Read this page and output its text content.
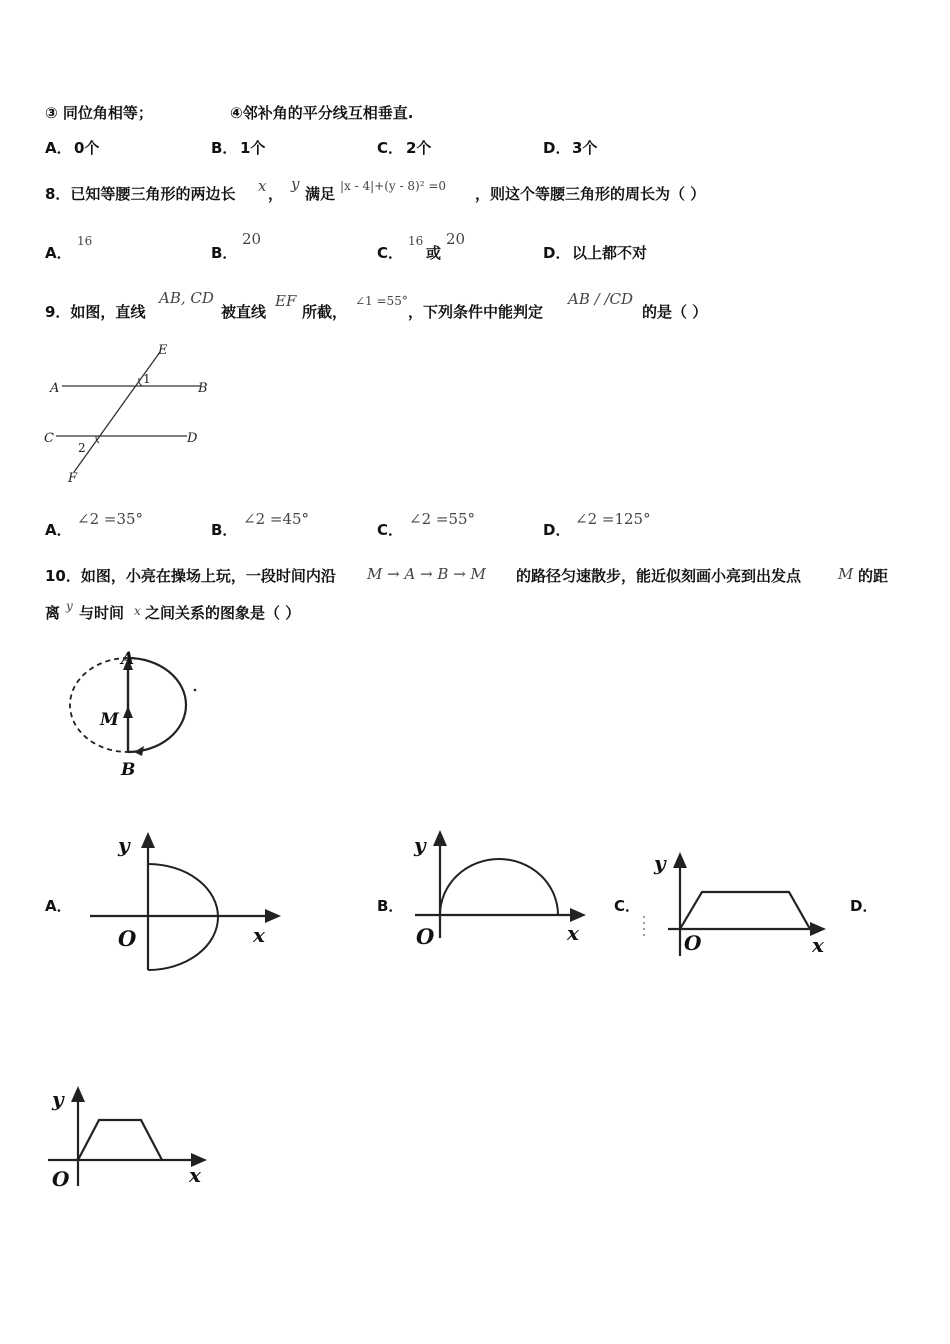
③ 同位角相等；	④邻补角的平分线互相垂直.
A． 0个	B． 1个	C． 2个	D． 3个
8．已知等腰三角形的两边长 x ，
y
满足 |x - 4|+(y - 8)² =0 ，则这个等腰三角形的周长为（ ）
A．
16
B．
20
C．
16
或
20
D． 以上都不对
9．如图，直线
AB, CD
被直线
EF
所截，
∠1 =55°
，下列条件中能判定
AB / /CD
的是（ ）
E
A	B
C	D
F
1
2
A．
∠2 =35°
B．
∠2 =45°
C．
∠2 =55°
D．
∠2 =125°
10．如图，小亮在操场上玩，一段时间内沿 M → A → B → M 的路径匀速散步，能近似刻画小亮到出发点 M 的距
离 y 与时间 x 之间关系的图象是（ ）
A
M
B
A．
y
x
O
B．
y
x
O
C．
y
x
O
D．
y
x
O
